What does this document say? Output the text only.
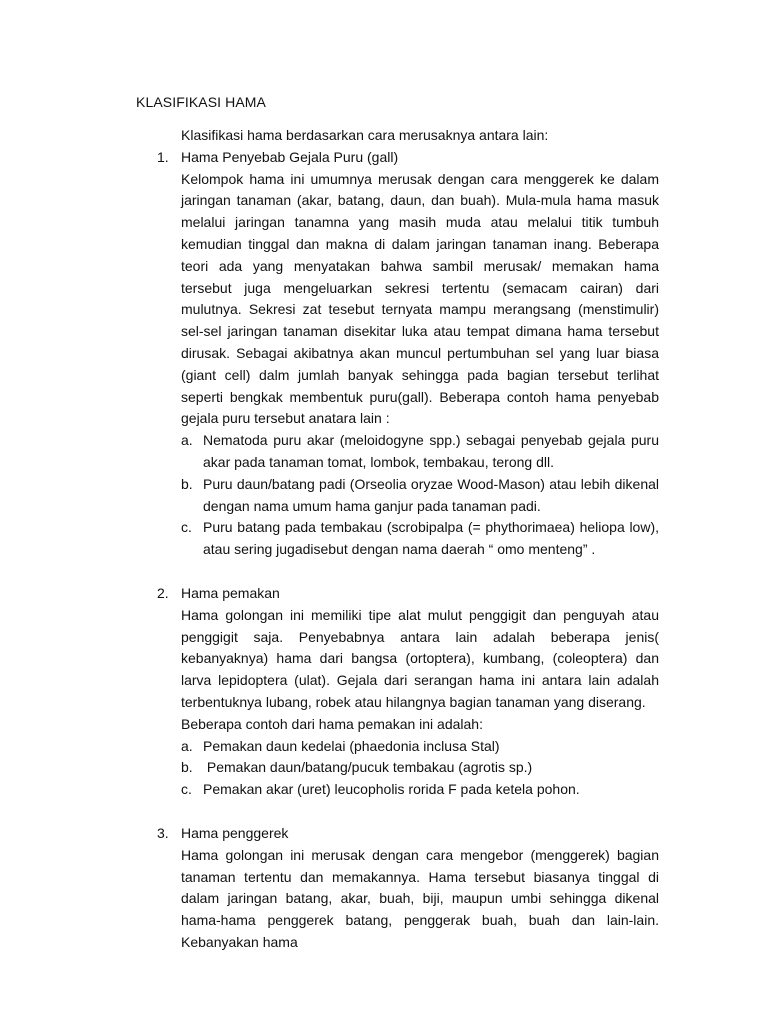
KLASIFIKASI HAMA

Klasifikasi hama berdasarkan cara merusaknya antara lain:

1. Hama Penyebab Gejala Puru (gall)

Kelompok hama ini umumnya merusak dengan cara menggerek ke dalam jaringan tanaman (akar, batang, daun, dan buah). Mula-mula hama masuk melalui jaringan tanamna yang masih muda atau melalui titik tumbuh kemudian tinggal dan makna di dalam jaringan tanaman inang. Beberapa teori ada yang menyatakan bahwa sambil merusak/ memakan hama tersebut juga mengeluarkan sekresi tertentu (semacam cairan) dari mulutnya. Sekresi zat tesebut ternyata mampu merangsang (menstimulir) sel-sel jaringan tanaman disekitar luka atau tempat dimana hama tersebut dirusak. Sebagai akibatnya akan muncul pertumbuhan sel yang luar biasa (giant cell) dalm jumlah banyak sehingga pada bagian tersebut terlihat seperti bengkak membentuk puru(gall). Beberapa contoh hama penyebab gejala puru tersebut anatara lain :

a. Nematoda puru akar (meloidogyne spp.) sebagai penyebab gejala puru akar pada tanaman tomat, lombok, tembakau, terong dll.
b. Puru daun/batang padi (Orseolia oryzae Wood-Mason) atau lebih dikenal dengan nama umum hama ganjur pada tanaman padi.
c. Puru batang pada tembakau (scrobipalpa (= phythorimaea) heliopa low), atau sering jugadisebut dengan nama daerah “ omo menteng” .
2. Hama pemakan

Hama golongan ini memiliki tipe alat mulut penggigit dan penguyah atau penggigit saja. Penyebabnya antara lain adalah beberapa jenis( kebanyaknya) hama dari bangsa (ortoptera), kumbang, (coleoptera) dan larva lepidoptera (ulat). Gejala dari serangan hama ini antara lain adalah terbentuknya lubang, robek atau hilangnya bagian tanaman yang diserang.

Beberapa contoh dari hama pemakan ini adalah:

a. Pemakan daun kedelai (phaedonia inclusa Stal)
b. Pemakan daun/batang/pucuk tembakau (agrotis sp.)
c. Pemakan akar (uret) leucopholis rorida F pada ketela pohon.
3. Hama penggerek

Hama golongan ini merusak dengan cara mengebor (menggerek) bagian tanaman tertentu dan memakannya. Hama tersebut biasanya tinggal di dalam jaringan batang, akar, buah, biji, maupun umbi sehingga dikenal hama-hama penggerek batang, penggerak buah, buah dan lain-lain. Kebanyakan hama
